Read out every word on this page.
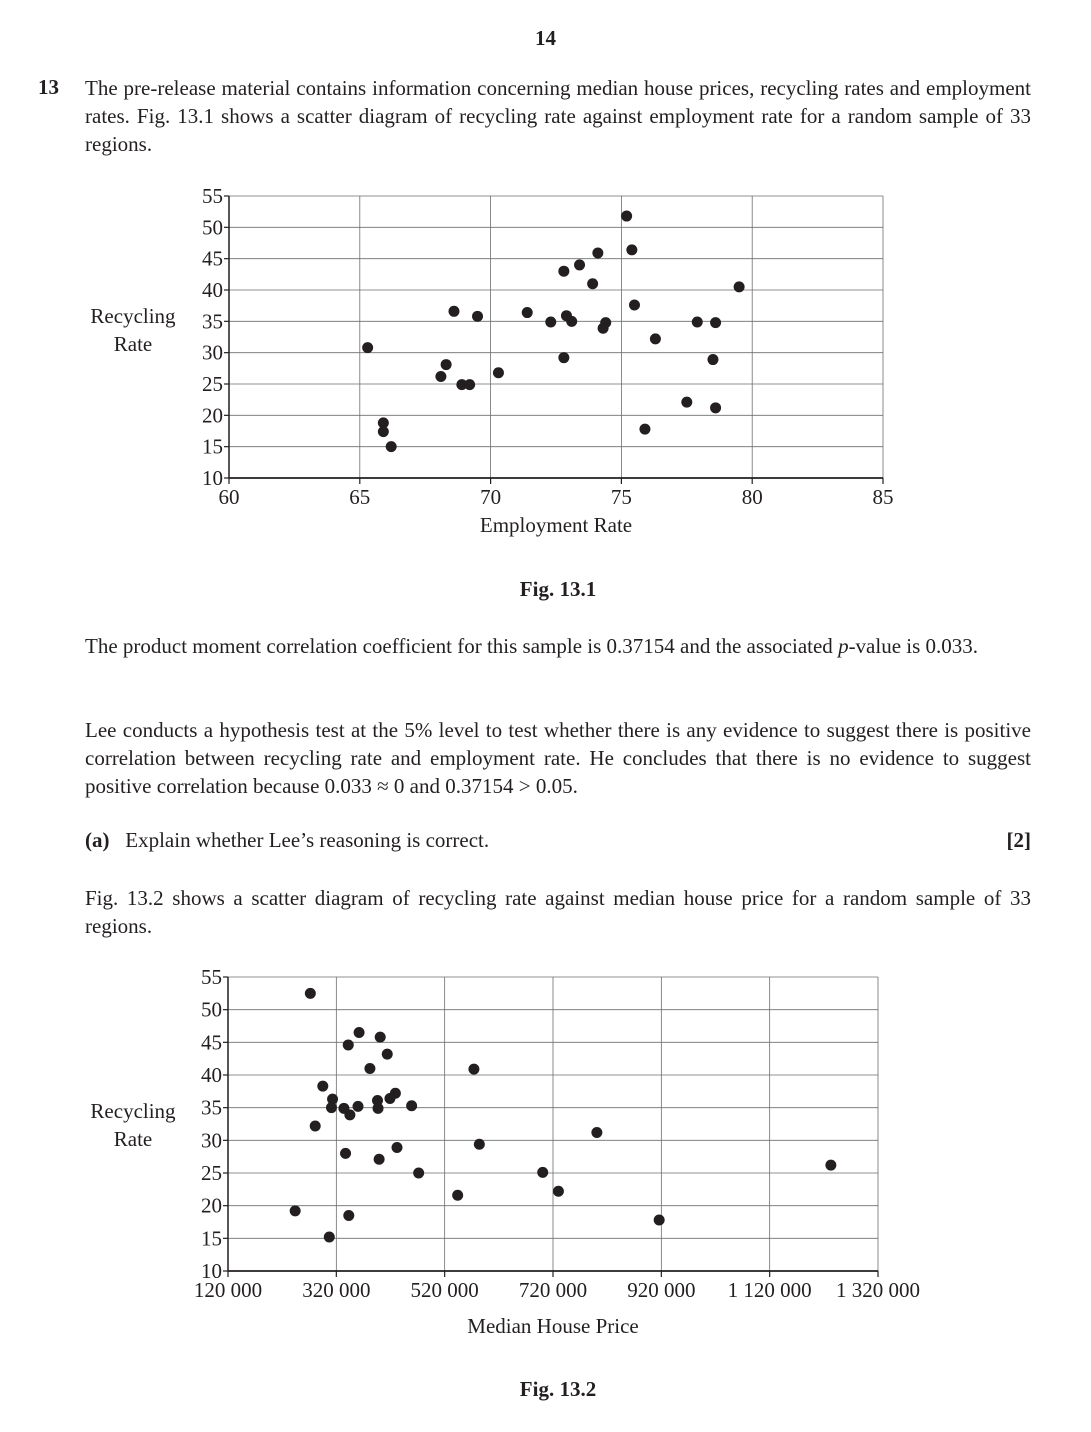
14
13 The pre-release material contains information concerning median house prices, recycling rates and employment rates. Fig. 13.1 shows a scatter diagram of recycling rate against employment rate for a random sample of 33 regions.

10
15
20
25
30
35
40
45
50
55
60	65	70	75	80	85
Employment Rate
Recycling
Rate
Fig. 13.1

The product moment correlation coefficient for this sample is 0.37154 and the associated p-value is 0.033.

Lee conducts a hypothesis test at the 5% level to test whether there is any evidence to suggest there is positive correlation between recycling rate and employment rate. He concludes that there is no evidence to suggest positive correlation because 0.033 ≈ 0 and 0.37154 > 0.05.

(a) Explain whether Lee’s reasoning is correct.	[2]

Fig. 13.2 shows a scatter diagram of recycling rate against median house price for a random sample of 33 regions.

10
15
20
25
30
35
40
45
50
55
120 000 320 000 520 000 720 000 920 000 1 120 000 1 320 000
Median House Price
Recycling
Rate
Fig. 13.2
